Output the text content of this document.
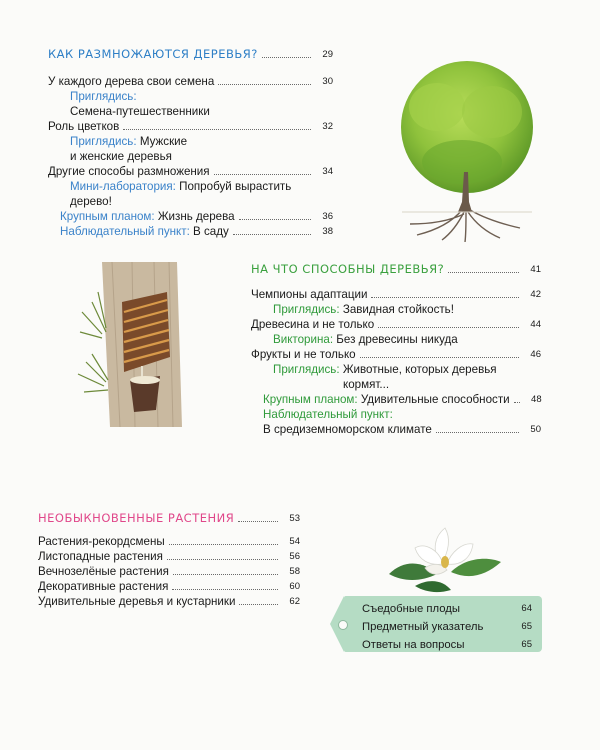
КАК РАЗМНОЖАЮТСЯ ДЕРЕВЬЯ?	29
У каждого дерева свои семена	30
Приглядись:
Семена-путешественники
Роль цветков	32
Приглядись:
Мужские
и женские деревья
Другие способы размножения	34
Мини-лаборатория:
Попробуй вырастить
дерево!
Крупным планом:
Жизнь дерева	36
Наблюдательный пункт:
В саду	38
НА ЧТО СПОСОБНЫ ДЕРЕВЬЯ?	41
Чемпионы адаптации	42
Приглядись:
Завидная стойкость!
Древесина и не только	44
Викторина:
Без древесины никуда
Фрукты и не только	46
Приглядись:
Животные, которых деревья
кормят...
Крупным планом:
Удивительные способности	48
Наблюдательный пункт:
В средиземноморском климате	50
НЕОБЫКНОВЕННЫЕ РАСТЕНИЯ	53
Растения-рекордсмены	54
Листопадные растения	56
Вечнозелёные растения	58
Декоративные растения	60
Удивительные деревья и кустарники	62
Съедобные плоды	64
Предметный указатель	65
Ответы на вопросы	65
